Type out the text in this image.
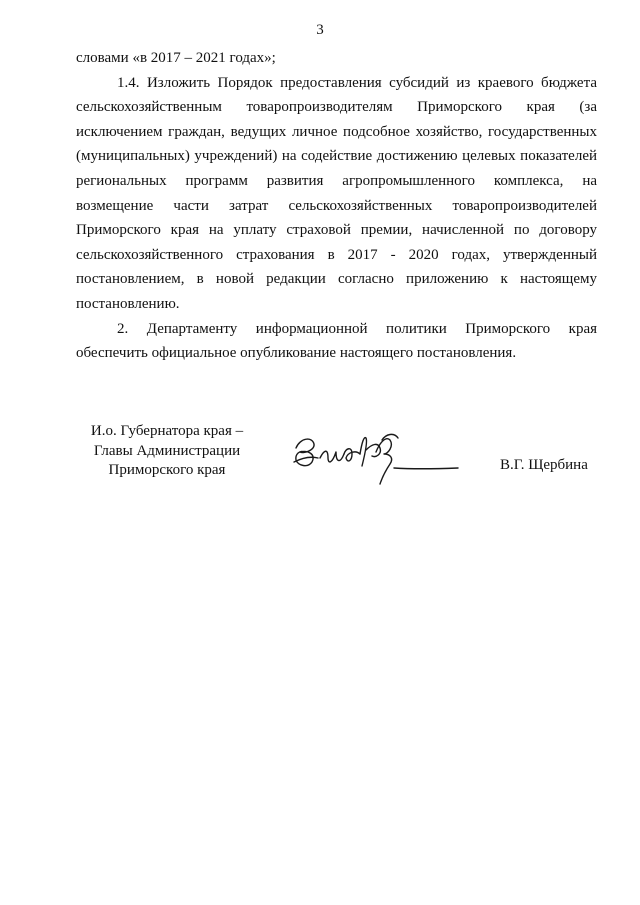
3

словами «в 2017 – 2021 годах»;

1.4. Изложить Порядок предоставления субсидий из краевого бюджета сельскохозяйственным товаропроизводителям Приморского края (за исключением граждан, ведущих личное подсобное хозяйство, государственных (муниципальных) учреждений) на содействие достижению целевых показателей региональных программ развития агропромышленного комплекса, на возмещение части затрат сельскохозяйственных товаропроизводителей Приморского края на уплату страховой премии, начисленной по договору сельскохозяйственного страхования в 2017 - 2020 годах, утвержденный постановлением, в новой редакции согласно приложению к настоящему постановлению.

2. Департаменту информационной политики Приморского края обеспечить официальное опубликование настоящего постановления.

И.о. Губернатора края –
Главы Администрации
Приморского края	В.Г. Щербина
